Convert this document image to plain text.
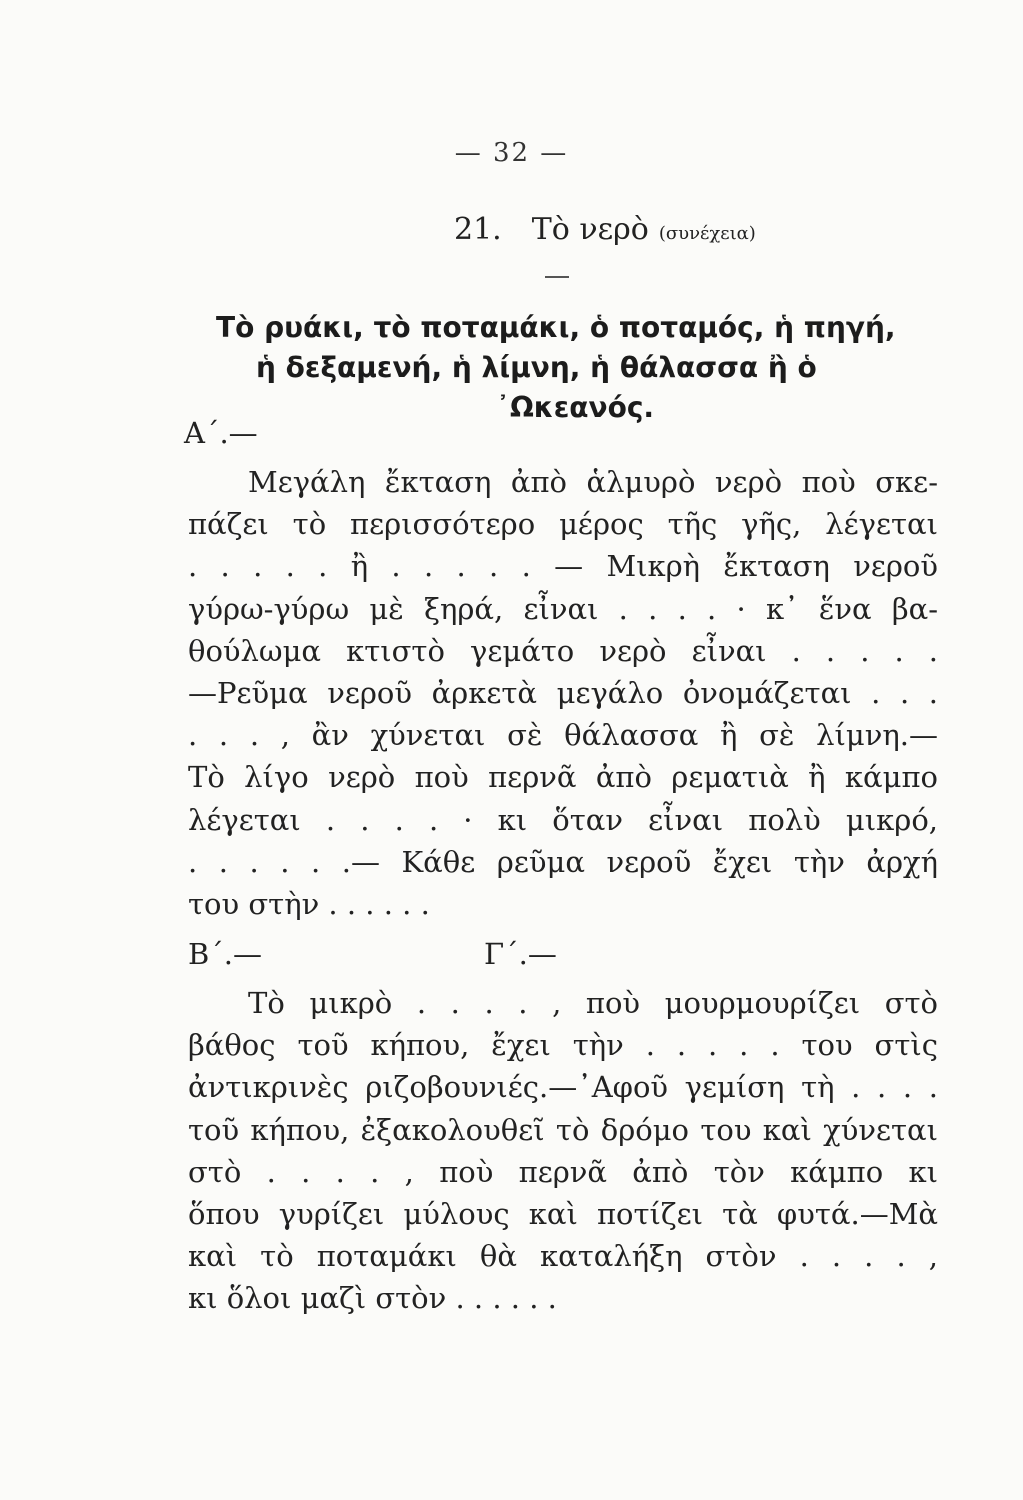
— 32 —
21. Τὸ νερὸ (συνέχεια)
Τὸ ρυάκι, τὸ ποταμάκι, ὁ ποταμός, ἡ πηγή,
ἡ δεξαμενή, ἡ λίμνη, ἡ θάλασσα ἢ ὁ
᾿Ωκεανός.
Α΄.—
Μεγάλη ἔκταση ἀπὸ ἁλμυρὸ νερὸ ποὺ σκε-
πάζει τὸ περισσότερο μέρος τῆς γῆς, λέγεται
. . . . . ἢ . . . . . — Μικρὴ ἔκταση νεροῦ
γύρω-γύρω μὲ ξηρά, εἶναι . . . . · κ᾿ ἕνα βα-
θούλωμα κτιστὸ γεμάτο νερὸ εἶναι . . . . .
—Ρεῦμα νεροῦ ἀρκετὰ μεγάλο ὀνομάζεται . . .
. . . , ἂν χύνεται σὲ θάλασσα ἢ σὲ λίμνη.—
Τὸ λίγο νερὸ ποὺ περνᾶ ἀπὸ ρεματιὰ ἢ κάμπο
λέγεται . . . . · κι ὅταν εἶναι πολὺ μικρό,
. . . . . .— Κάθε ρεῦμα νεροῦ ἔχει τὴν ἀρχή
του στὴν . . . . . .
Β΄.—	Γ΄.—
Τὸ μικρὸ . . . . , ποὺ μουρμουρίζει στὸ
βάθος τοῦ κήπου, ἔχει τὴν . . . . . του στὶς
ἀντικρινὲς ριζοβουνιές.—᾿Αφοῦ γεμίση τὴ . . . .
τοῦ κήπου, ἐξακολουθεῖ τὸ δρόμο του καὶ χύνεται
στὸ . . . . , ποὺ περνᾶ ἀπὸ τὸν κάμπο κι
ὅπου γυρίζει μύλους καὶ ποτίζει τὰ φυτά.—Μὰ
καὶ τὸ ποταμάκι θὰ καταλήξη στὸν . . . . ,
κι ὅλοι μαζὶ στὸν . . . . . .
